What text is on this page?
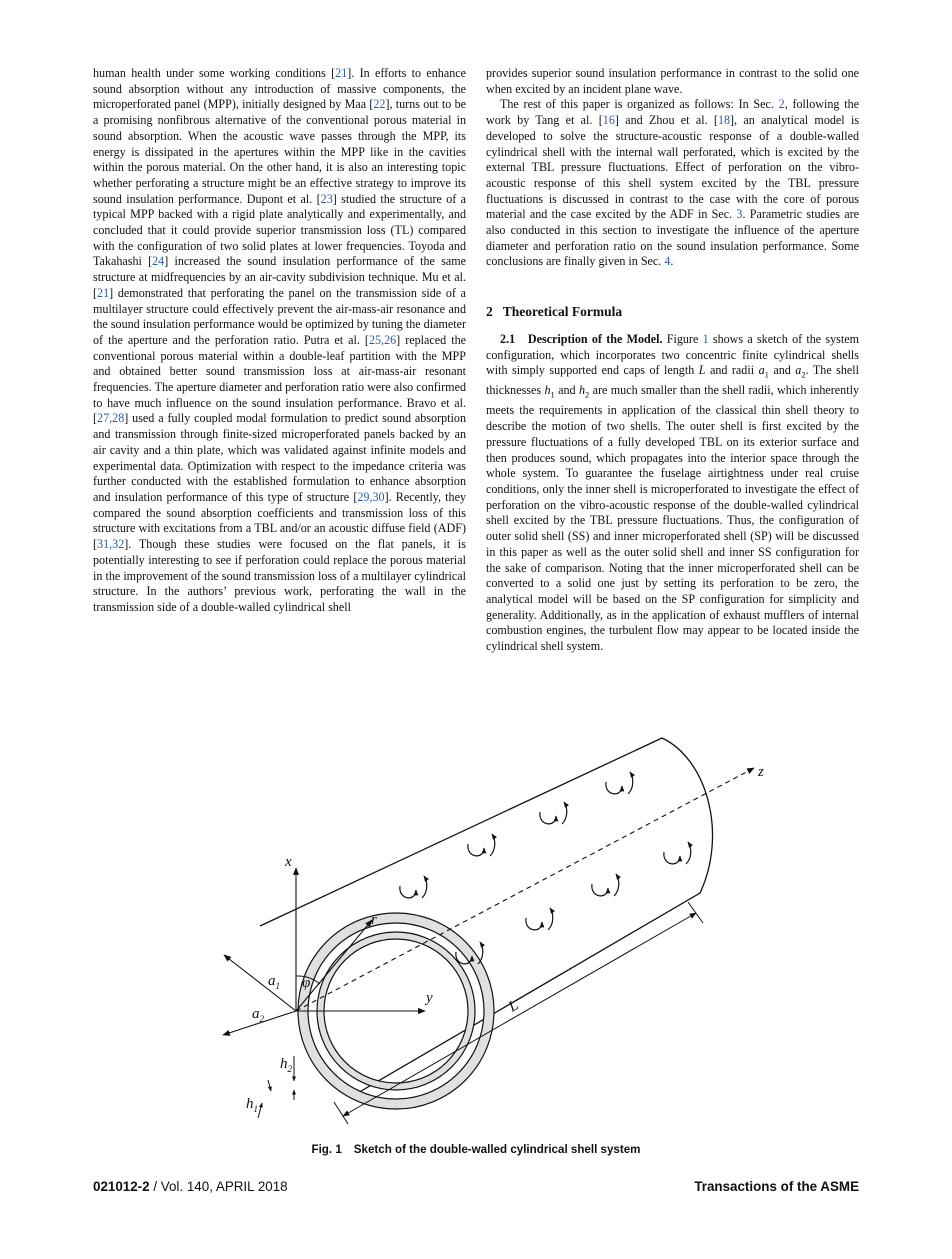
human health under some working conditions [21]. In efforts to enhance sound absorption without any introduction of massive components, the microperforated panel (MPP), initially designed by Maa [22], turns out to be a promising nonfibrous alternative of the conventional porous material in sound absorption. When the acoustic wave passes through the MPP, its energy is dissipated in the apertures within the MPP like in the cavities within the porous material. On the other hand, it is also an interesting topic whether perforating a structure might be an effective strategy to improve its sound insulation performance. Dupont et al. [23] studied the structure of a typical MPP backed with a rigid plate analytically and experimentally, and concluded that it could provide superior transmission loss (TL) compared with the configuration of two solid plates at lower frequencies. Toyoda and Takahashi [24] increased the sound insulation performance of the same structure at midfrequencies by an air-cavity subdivision technique. Mu et al. [21] demonstrated that perforating the panel on the transmission side of a multilayer structure could effectively prevent the air-mass-air resonance and the sound insulation performance would be optimized by tuning the diameter of the aperture and the perforation ratio. Putra et al. [25,26] replaced the conventional porous material within a double-leaf partition with the MPP and obtained better sound transmission loss at air-mass-air resonant frequencies. The aperture diameter and perforation ratio were also confirmed to have much influence on the sound insulation performance. Bravo et al. [27,28] used a fully coupled modal formulation to predict sound absorption and transmission through finite-sized microperforated panels backed by an air cavity and a thin plate, which was validated against infinite models and experimental data. Optimization with respect to the impedance criteria was further conducted with the established formulation to enhance absorption and insulation performance of this type of structure [29,30]. Recently, they compared the sound absorption coefficients and transmission loss of this structure with excitations from a TBL and/or an acoustic diffuse field (ADF) [31,32]. Though these studies were focused on the flat panels, it is potentially interesting to see if perforation could replace the porous material in the improvement of the sound transmission loss of a multilayer cylindrical structure. In the authors’ previous work, perforating the wall in the transmission side of a double-walled cylindrical shell

provides superior sound insulation performance in contrast to the solid one when excited by an incident plane wave.

The rest of this paper is organized as follows: In Sec. 2, following the work by Tang et al. [16] and Zhou et al. [18], an analytical model is developed to solve the structure-acoustic response of a double-walled cylindrical shell with the internal wall perforated, which is excited by the external TBL pressure fluctuations. Effect of perforation on the vibro-acoustic response of this shell system excited by the TBL pressure fluctuations is discussed in contrast to the case with the core of porous material and the case excited by the ADF in Sec. 3. Parametric studies are also conducted in this section to investigate the influence of the aperture diameter and perforation ratio on the sound insulation performance. Some conclusions are finally given in Sec. 4.

2 Theoretical Formula

2.1 Description of the Model. Figure 1 shows a sketch of the system configuration, which incorporates two concentric finite cylindrical shells with simply supported end caps of length L and radii $a_1$ and $a_2$. The shell thicknesses $h_1$ and $h_2$ are much smaller than the shell radii, which inherently meets the requirements in application of the classical thin shell theory to describe the motion of two shells. The outer shell is first excited by the pressure fluctuations of a fully developed TBL on its exterior surface and then produces sound, which propagates into the interior space through the whole system. To guarantee the fuselage airtightness under real cruise conditions, only the inner shell is microperforated to investigate the effect of perforation on the vibro-acoustic response of the double-walled cylindrical shell excited by the TBL pressure fluctuations. Thus, the configuration of outer solid shell (SS) and inner microperforated shell (SP) will be discussed in this paper as well as the outer solid shell and inner SS configuration for the sake of comparison. Noting that the inner microperforated shell can be converted to a solid one just by setting its perforation to be zero, the analytical model will be based on the SP configuration for simplicity and generality. Additionally, as in the application of exhaust mufflers of internal combustion engines, the turbulent flow may appear to be located inside the cylindrical shell system.

x
y
z
r
φ
$a_1$
$a_2$
$h_2$
$h_1$
L
Fig. 1 Sketch of the double-walled cylindrical shell system
021012-2 / Vol. 140, APRIL 2018	Transactions of the ASME
